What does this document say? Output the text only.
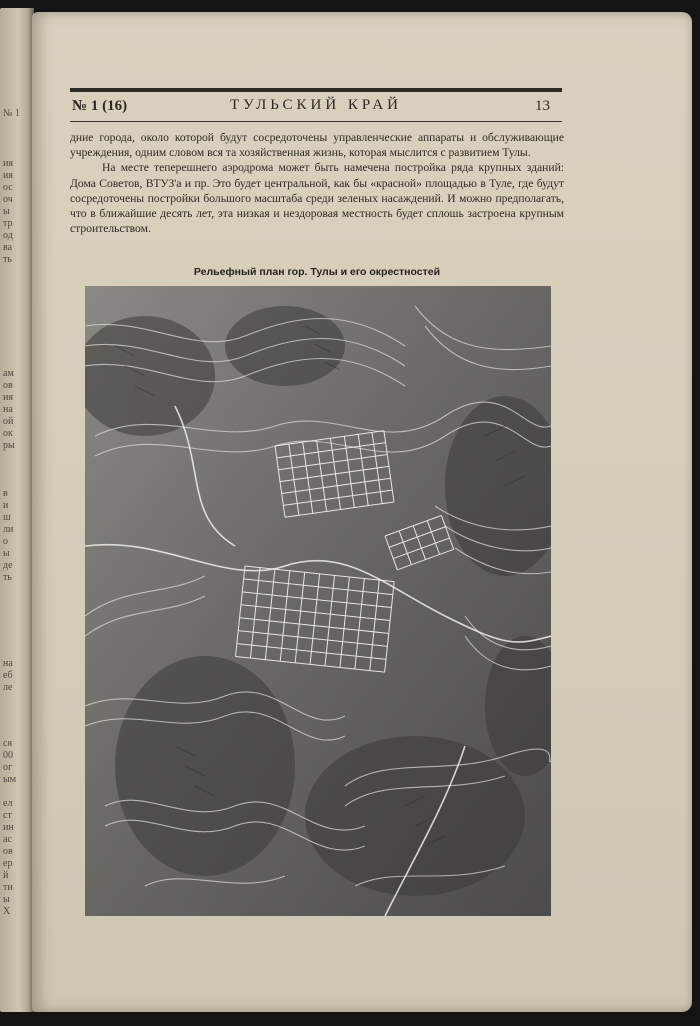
№ 1
ия
ия
ос
оч
ы
тр
од
ва
ть
ам
ов
ия
на
ой
ок
ры
в
и
ш
ли
о
ы
де
ть
на
еб
ле
ся
00
ог
ым
ел
ст
ин
ас
ов
ер
й
ти
ы
Х
№ 1 (16)	ТУЛЬСКИЙ КРАЙ	13

дние города, около которой будут сосредоточены управленческие аппараты и обслуживающие учреждения, одним словом вся та хозяйственная жизнь, которая мыслится с развитием Тулы.

На месте теперешнего аэродрома может быть намечена постройка ряда крупных зданий: Дома Советов, ВТУЗ'а и пр. Это будет центральной, как бы «красной» площадью в Туле, где будут сосредоточены постройки большого масштаба среди зеленых насаждений. И можно предполагать, что в ближайшие десять лет, эта низкая и нездоровая местность будет сплошь застроена крупным строительством.

Рельефный план гор. Тулы и его окрестностей
